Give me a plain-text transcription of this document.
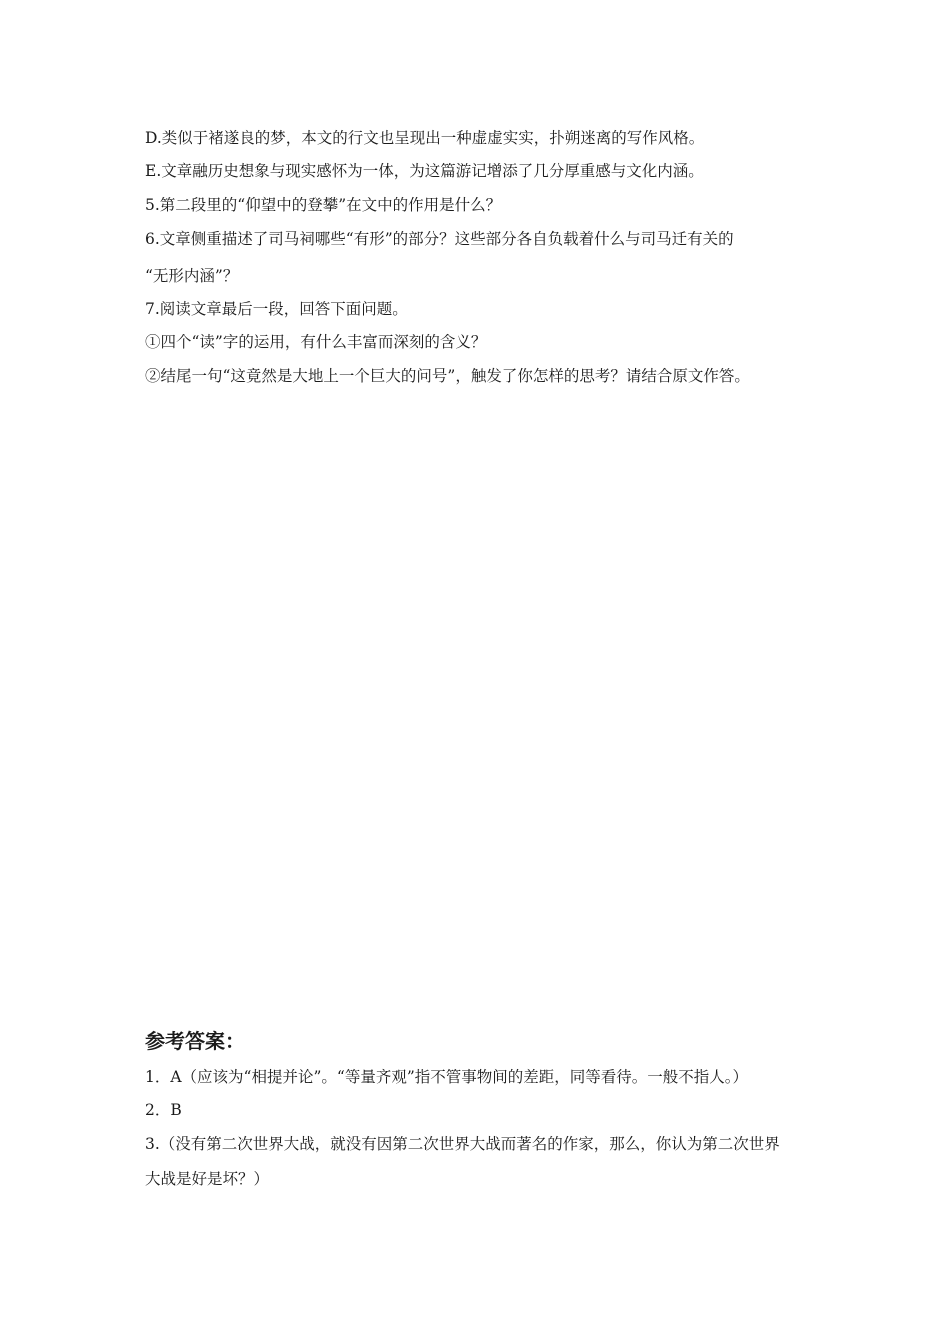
D.类似于褚遂良的梦，本文的行文也呈现出一种虚虚实实，扑朔迷离的写作风格。
E.文章融历史想象与现实感怀为一体，为这篇游记增添了几分厚重感与文化内涵。
5.第二段里的“仰望中的登攀”在文中的作用是什么？
6.文章侧重描述了司马祠哪些“有形”的部分？这些部分各自负载着什么与司马迁有关的
“无形内涵”？
7.阅读文章最后一段，回答下面问题。
①四个“读”字的运用，有什么丰富而深刻的含义？
②结尾一句“这竟然是大地上一个巨大的问号”，触发了你怎样的思考？请结合原文作答。
参考答案：
1．A（应该为“相提并论”。“等量齐观”指不管事物间的差距，同等看待。一般不指人。）
2．B
3.（没有第二次世界大战，就没有因第二次世界大战而著名的作家，那么，你认为第二次世界
大战是好是坏？）
